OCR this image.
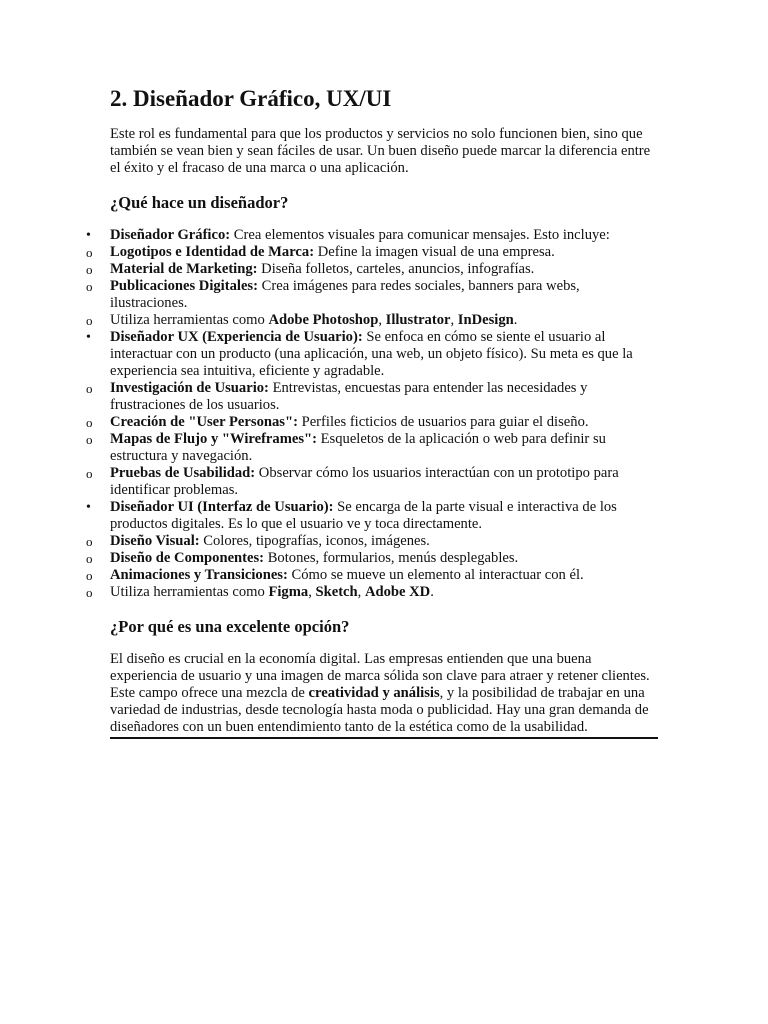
2. Diseñador Gráfico, UX/UI

Este rol es fundamental para que los productos y servicios no solo funcionen bien, sino que también se vean bien y sean fáciles de usar. Un buen diseño puede marcar la diferencia entre el éxito y el fracaso de una marca o una aplicación.

¿Qué hace un diseñador?
•	Diseñador Gráfico: Crea elementos visuales para comunicar mensajes. Esto incluye:
o	Logotipos e Identidad de Marca: Define la imagen visual de una empresa.
o	Material de Marketing: Diseña folletos, carteles, anuncios, infografías.
o	Publicaciones Digitales: Crea imágenes para redes sociales, banners para webs, ilustraciones.
o	Utiliza herramientas como Adobe Photoshop, Illustrator, InDesign.
•	Diseñador UX (Experiencia de Usuario): Se enfoca en cómo se siente el usuario al interactuar con un producto (una aplicación, una web, un objeto físico). Su meta es que la experiencia sea intuitiva, eficiente y agradable.
o	Investigación de Usuario: Entrevistas, encuestas para entender las necesidades y frustraciones de los usuarios.
o	Creación de "User Personas": Perfiles ficticios de usuarios para guiar el diseño.
o	Mapas de Flujo y "Wireframes": Esqueletos de la aplicación o web para definir su estructura y navegación.
o	Pruebas de Usabilidad: Observar cómo los usuarios interactúan con un prototipo para identificar problemas.
•	Diseñador UI (Interfaz de Usuario): Se encarga de la parte visual e interactiva de los productos digitales. Es lo que el usuario ve y toca directamente.
o	Diseño Visual: Colores, tipografías, iconos, imágenes.
o	Diseño de Componentes: Botones, formularios, menús desplegables.
o	Animaciones y Transiciones: Cómo se mueve un elemento al interactuar con él.
o	Utiliza herramientas como Figma, Sketch, Adobe XD.
¿Por qué es una excelente opción?

El diseño es crucial en la economía digital. Las empresas entienden que una buena experiencia de usuario y una imagen de marca sólida son clave para atraer y retener clientes. Este campo ofrece una mezcla de creatividad y análisis, y la posibilidad de trabajar en una variedad de industrias, desde tecnología hasta moda o publicidad. Hay una gran demanda de diseñadores con un buen entendimiento tanto de la estética como de la usabilidad.
